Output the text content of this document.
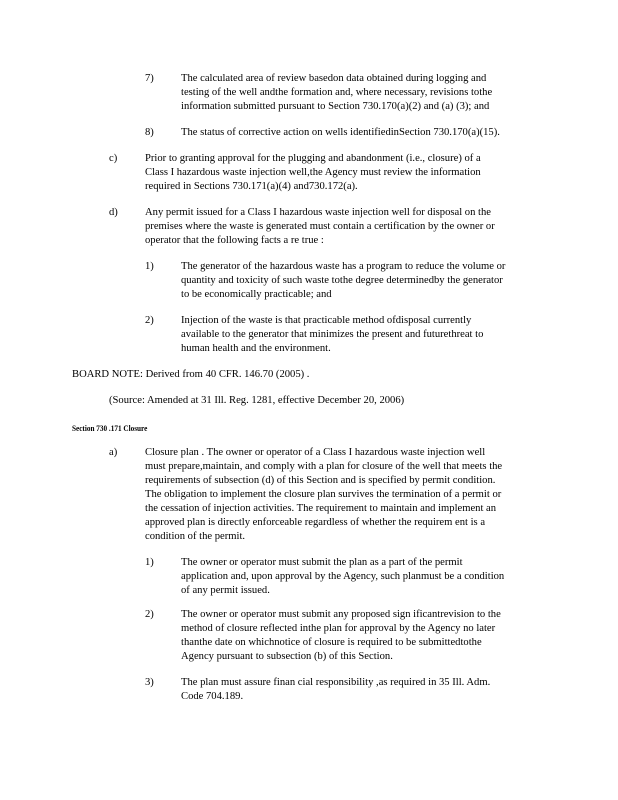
7)	The calculated area of review basedon data obtained during logging and
testing of the well andthe formation and, where necessary, revisions tothe
information submitted pursuant to Section 730.170(a)(2) and (a) (3); and
8)	The status of corrective action on wells identifiedinSection 730.170(a)(15).
c)	Prior to granting approval for the plugging and abandonment (i.e., closure) of a
Class I hazardous waste injection well,the Agency must review the information
required in Sections 730.171(a)(4) and730.172(a).
d)	Any permit issued for a Class I hazardous waste injection well for disposal on the
premises where the waste is generated must contain a certification by the owner or
operator that the following facts a re true :
1)	The generator of the hazardous waste has a program to reduce the volume or
quantity and toxicity of such waste tothe degree determinedby the generator
to be economically practicable; and
2)	Injection of the waste is that practicable method ofdisposal currently
available to the generator that minimizes the present and futurethreat to
human health and the environment.
BOARD NOTE: Derived from 40 CFR. 146.70 (2005) .
(Source: Amended at 31 Ill. Reg. 1281, effective December 20, 2006)
Section 730 .171 Closure
a)	Closure plan . The owner or operator of a Class I hazardous waste injection well
must prepare,maintain, and comply with a plan for closure of the well that meets the
requirements of subsection (d) of this Section and is specified by permit condition.
The obligation to implement the closure plan survives the termination of a permit or
the cessation of injection activities. The requirement to maintain and implement an
approved plan is directly enforceable regardless of whether the requirem ent is a
condition of the permit.
1)	The owner or operator must submit the plan as a part of the permit
application and, upon approval by the Agency, such planmust be a condition
of any permit issued.
2)	The owner or operator must submit any proposed sign ificantrevision to the
method of closure reflected inthe plan for approval by the Agency no later
thanthe date on whichnotice of closure is required to be submittedtothe
Agency pursuant to subsection (b) of this Section.
3)	The plan must assure finan cial responsibility ,as required in 35 Ill. Adm.
Code 704.189.
